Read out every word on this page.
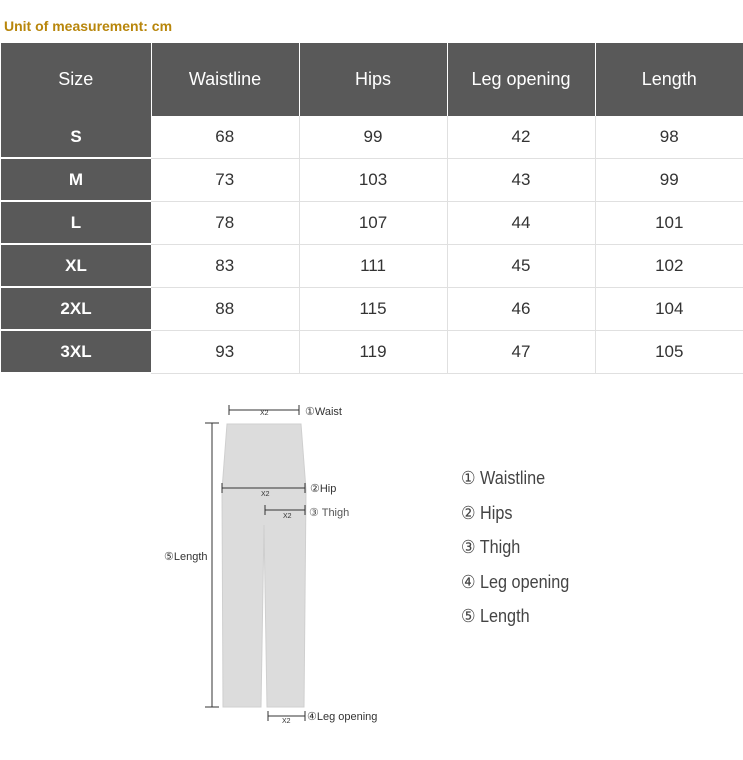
Unit of measurement: cm
Size	Waistline	Hips	Leg opening	Length
S	68	99	42	98
M	73	103	43	99
L	78	107	44	101
XL	83	111	45	102
2XL	88	115	46	104
3XL	93	119	47	105
X2	①Waist
X2	②Hip
X2 ③ Thigh
⑤Length
X2 ④Leg opening
① Waistline
② Hips
③ Thigh
④ Leg opening
⑤ Length
